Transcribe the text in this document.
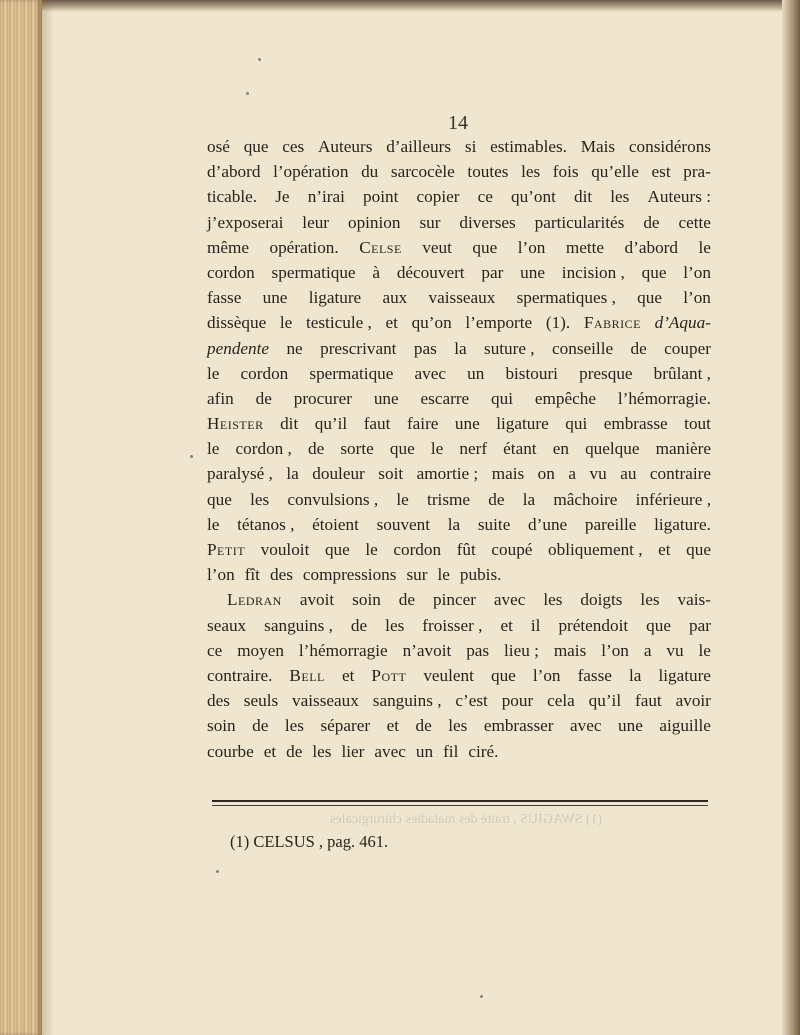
14
osé que ces Auteurs d’ailleurs si estimables. Mais considérons
d’abord l’opération du sarcocèle toutes les fois qu’elle est pra-
ticable. Je n’irai point copier ce qu’ont dit les Auteurs :
j’exposerai leur opinion sur diverses particularités de cette
même opération. Celse veut que l’on mette d’abord le
cordon spermatique à découvert par une incision , que l’on
fasse une ligature aux vaisseaux spermatiques , que l’on
dissèque le testicule , et qu’on l’emporte (1). Fabrice d’Aqua-
pendente ne prescrivant pas la suture , conseille de couper
le cordon spermatique avec un bistouri presque brûlant ,
afin de procurer une escarre qui empêche l’hémorragie.
Heister dit qu’il faut faire une ligature qui embrasse tout
le cordon , de sorte que le nerf étant en quelque manière
paralysé , la douleur soit amortie ; mais on a vu au contraire
que les convulsions , le trisme de la mâchoire inférieure ,
le tétanos , étoient souvent la suite d’une pareille ligature.
Petit vouloit que le cordon fût coupé obliquement , et que
l’on fît des compressions sur le pubis.
Ledran avoit soin de pincer avec les doigts les vais-
seaux sanguins , de les froisser , et il prétendoit que par
ce moyen l’hémorragie n’avoit pas lieu ; mais l’on a vu le
contraire. Bell et Pott veulent que l’on fasse la ligature
des seuls vaisseaux sanguins , c’est pour cela qu’il faut avoir
soin de les séparer et de les embrasser avec une aiguille
courbe et de les lier avec un fil ciré.
(1) SWAGIUS , traité des maladies chirurgicales
(1) CELSUS , pag. 461.
